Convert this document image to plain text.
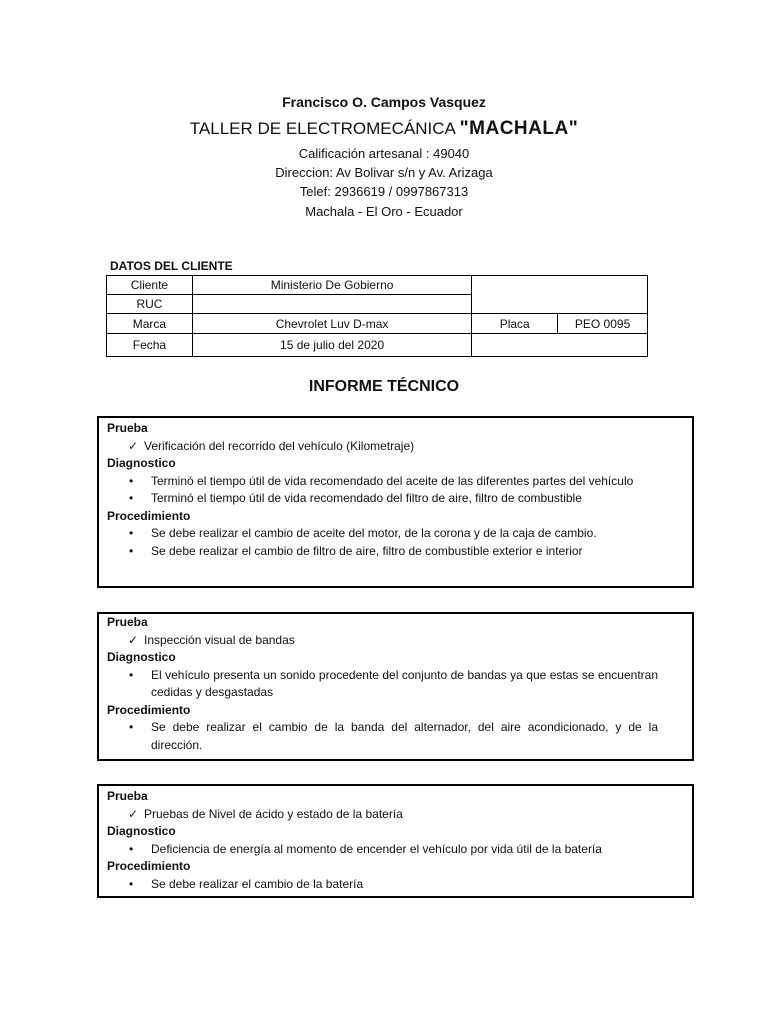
Francisco O. Campos Vasquez
TALLER DE ELECTROMECÁNICA "MACHALA"
Calificación artesanal : 49040
Direccion: Av Bolivar s/n y Av. Arizaga
Telef: 2936619 / 0997867313
Machala - El Oro - Ecuador
DATOS DEL CLIENTE
Cliente	Ministerio De Gobierno		
RUC			
Marca	Chevrolet Luv D-max	Placa	PEO 0095
Fecha	15 de julio del 2020		
INFORME TÉCNICO
Prueba
✓ Verificación del recorrido del vehículo (Kilometraje)
Diagnostico
• Terminó el tiempo útil de vida recomendado del aceite de las diferentes partes del vehículo
• Terminó el tiempo útil de vida recomendado del filtro de aire, filtro de combustible
Procedimiento
• Se debe realizar el cambio de aceite del motor, de la corona y de la caja de cambio.
• Se debe realizar el cambio de filtro de aire, filtro de combustible exterior e interior
Prueba
✓ Inspección visual de bandas
Diagnostico
• El vehículo presenta un sonido procedente del conjunto de bandas ya que estas se encuentran cedidas y desgastadas
Procedimiento
• Se debe realizar el cambio de la banda del alternador, del aire acondicionado, y de la dirección.
Prueba
✓ Pruebas de Nivel de ácido y estado de la batería
Diagnostico
• Deficiencia de energía al momento de encender el vehículo por vida útil de la batería
Procedimiento
• Se debe realizar el cambio de la batería
